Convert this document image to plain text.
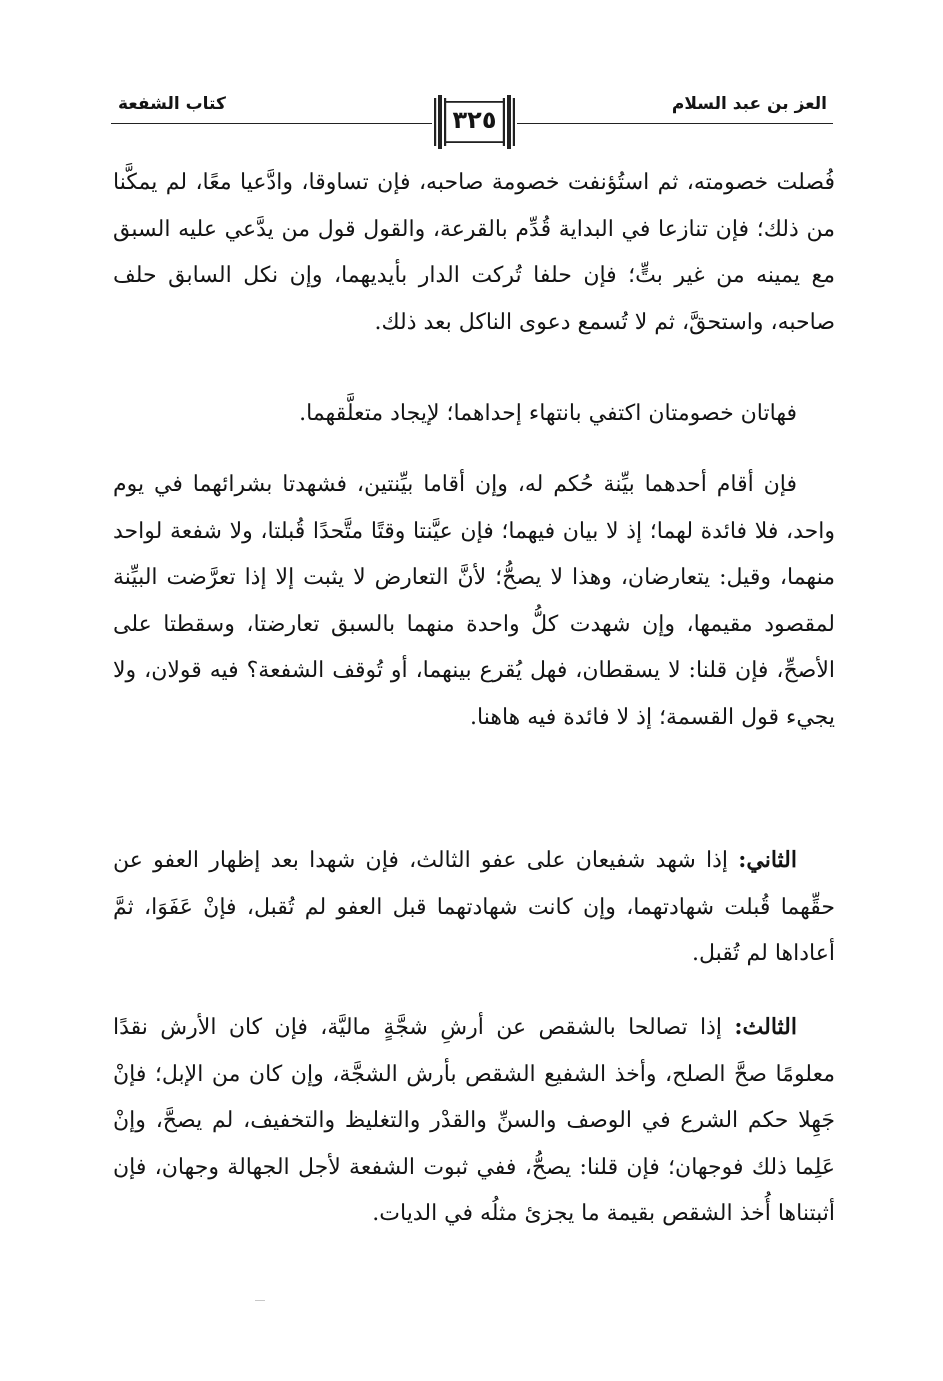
العز بن عبد السلام
كتاب الشفعة
٣٢٥

فُصلت خصومته، ثم استُؤنفت خصومة صاحبه، فإن تساوقا، وادَّعيا معًا، لم يمكَّنا من ذلك؛ فإن تنازعا في البداية قُدِّم بالقرعة، والقول قول من يدَّعي عليه السبق مع يمينه من غير بتٍّ؛ فإن حلفا تُركت الدار بأيديهما، وإن نكل السابق حلف صاحبه، واستحقَّ، ثم لا تُسمع دعوى الناكل بعد ذلك.

فهاتان خصومتان اكتفي بانتهاء إحداهما؛ لإيجاد متعلَّقهما.

فإن أقام أحدهما بيِّنة حُكم له، وإن أقاما بيِّنتين، فشهدتا بشرائهما في يوم واحد، فلا فائدة لهما؛ إذ لا بيان فيهما؛ فإن عيَّنتا وقتًا متَّحدًا قُبلتا، ولا شفعة لواحد منهما، وقيل: يتعارضان، وهذا لا يصحُّ؛ لأنَّ التعارض لا يثبت إلا إذا تعرَّضت البيِّنة لمقصود مقيمها، وإن شهدت كلُّ واحدة منهما بالسبق تعارضتا، وسقطتا على الأصحِّ، فإن قلنا: لا يسقطان، فهل يُقرع بينهما، أو تُوقف الشفعة؟ فيه قولان، ولا يجيء قول القسمة؛ إذ لا فائدة فيه هاهنا.

الثاني: إذا شهد شفيعان على عفو الثالث، فإن شهدا بعد إظهار العفو عن حقِّهما قُبلت شهادتهما، وإن كانت شهادتهما قبل العفو لم تُقبل، فإنْ عَفَوَا، ثمَّ أعاداها لم تُقبل.

الثالث: إذا تصالحا بالشقص عن أرشِ شجَّةٍ ماليَّة، فإن كان الأرش نقدًا معلومًا صحَّ الصلح، وأخذ الشفيع الشقص بأرش الشجَّة، وإن كان من الإبل؛ فإنْ جَهِلا حكم الشرع في الوصف والسنِّ والقدْر والتغليظ والتخفيف، لم يصحَّ، وإنْ عَلِما ذلك فوجهان؛ فإن قلنا: يصحُّ، ففي ثبوت الشفعة لأجل الجهالة وجهان، فإن أثبتناها أُخذ الشقص بقيمة ما يجزئ مثلُه في الديات.
